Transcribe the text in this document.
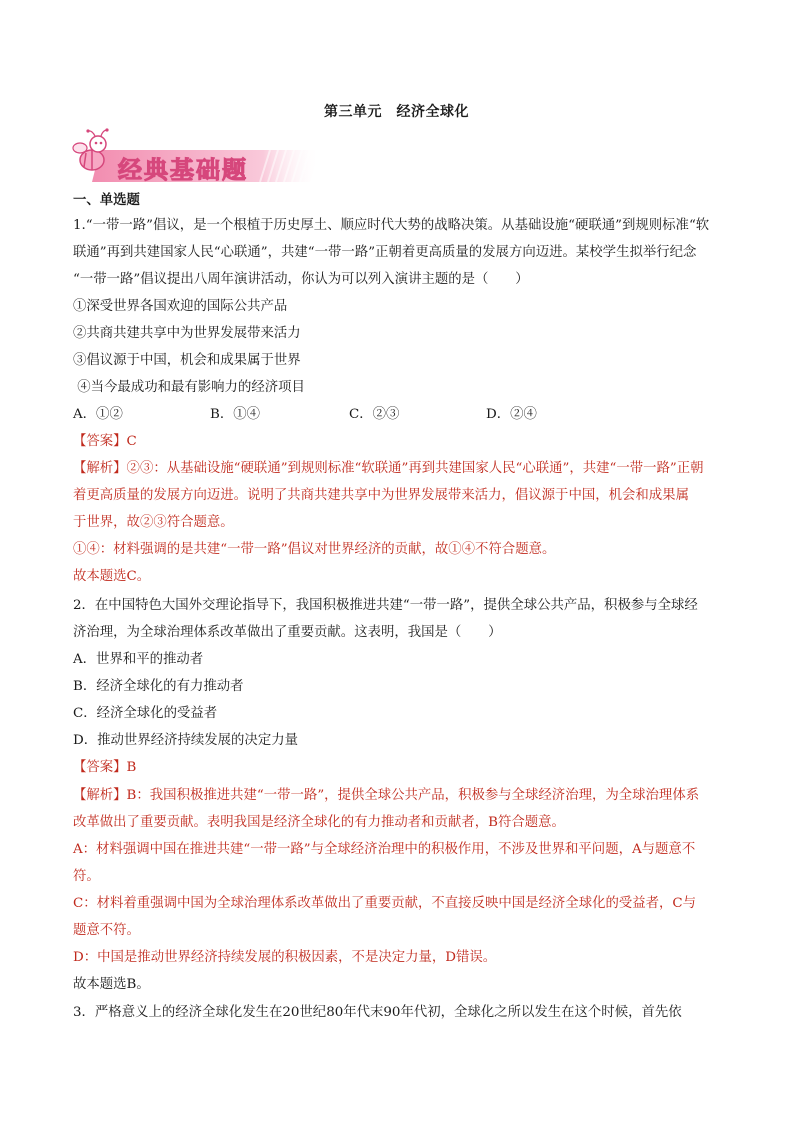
第三单元　经济全球化
经典基础题
一、单选题
1.“一带一路”倡议，是一个根植于历史厚土、顺应时代大势的战略决策。从基础设施“硬联通”到规则标准“软
联通”再到共建国家人民“心联通”，共建“一带一路”正朝着更高质量的发展方向迈进。某校学生拟举行纪念
“一带一路”倡议提出八周年演讲活动，你认为可以列入演讲主题的是（　　）
①深受世界各国欢迎的国际公共产品
②共商共建共享中为世界发展带来活力
③倡议源于中国，机会和成果属于世界
④当今最成功和最有影响力的经济项目
A．①②	B．①④	C．②③	D．②④
【答案】C
【解析】②③：从基础设施“硬联通”到规则标准“软联通”再到共建国家人民“心联通”，共建“一带一路”正朝
着更高质量的发展方向迈进。说明了共商共建共享中为世界发展带来活力，倡议源于中国，机会和成果属
于世界，故②③符合题意。
①④：材料强调的是共建“一带一路”倡议对世界经济的贡献，故①④不符合题意。
故本题选C。
2．在中国特色大国外交理论指导下，我国积极推进共建“一带一路”，提供全球公共产品，积极参与全球经
济治理，为全球治理体系改革做出了重要贡献。这表明，我国是（　　）
A．世界和平的推动者
B．经济全球化的有力推动者
C．经济全球化的受益者
D．推动世界经济持续发展的决定力量
【答案】B
【解析】B：我国积极推进共建“一带一路”，提供全球公共产品，积极参与全球经济治理，为全球治理体系
改革做出了重要贡献。表明我国是经济全球化的有力推动者和贡献者，B符合题意。
A：材料强调中国在推进共建“一带一路”与全球经济治理中的积极作用，不涉及世界和平问题，A与题意不
符。
C：材料着重强调中国为全球治理体系改革做出了重要贡献，不直接反映中国是经济全球化的受益者，C与
题意不符。
D：中国是推动世界经济持续发展的积极因素，不是决定力量，D错误。
故本题选B。
3．严格意义上的经济全球化发生在20世纪80年代末90年代初，全球化之所以发生在这个时候，首先依
